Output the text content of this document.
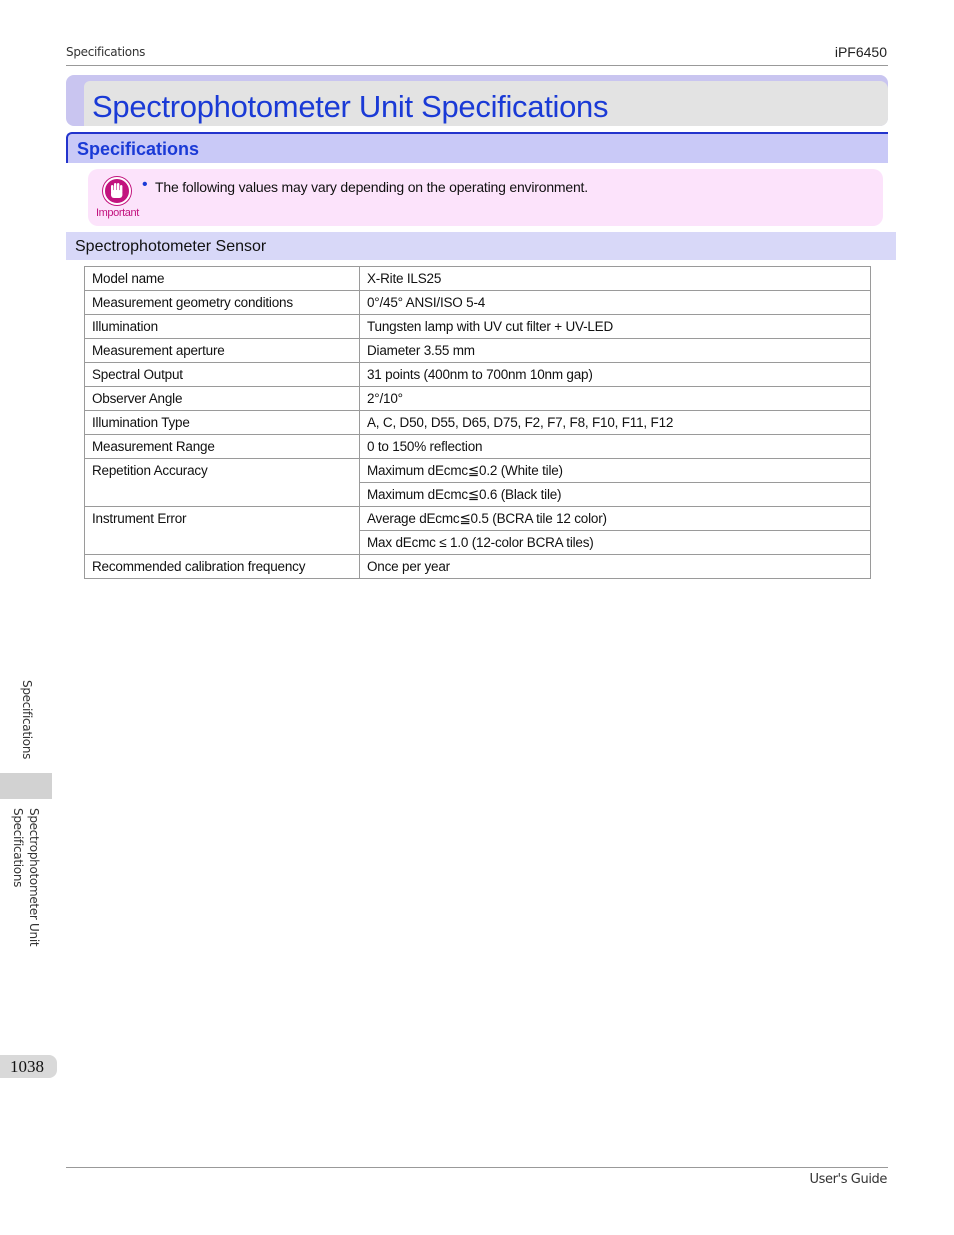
Specifications	iPF6450
Spectrophotometer Unit Specifications
Specifications
Important
• The following values may vary depending on the operating environment.
Spectrophotometer Sensor
Model name	X-Rite ILS25
Measurement geometry conditions	0°/45° ANSI/ISO 5-4
Illumination	Tungsten lamp with UV cut filter + UV-LED
Measurement aperture	Diameter 3.55 mm
Spectral Output	31 points (400nm to 700nm 10nm gap)
Observer Angle	2°/10°
Illumination Type	A, C, D50, D55, D65, D75, F2, F7, F8, F10, F11, F12
Measurement Range	0 to 150% reflection
Repetition Accuracy	Maximum dEcmc≦0.2 (White tile)
	Maximum dEcmc≦0.6 (Black tile)
Instrument Error	Average dEcmc≦0.5 (BCRA tile 12 color)
	Max dEcmc ≤ 1.0 (12-color BCRA tiles)
Recommended calibration frequency	Once per year
Specifications
Spectrophotometer Unit
Specifications
1038
User's Guide
